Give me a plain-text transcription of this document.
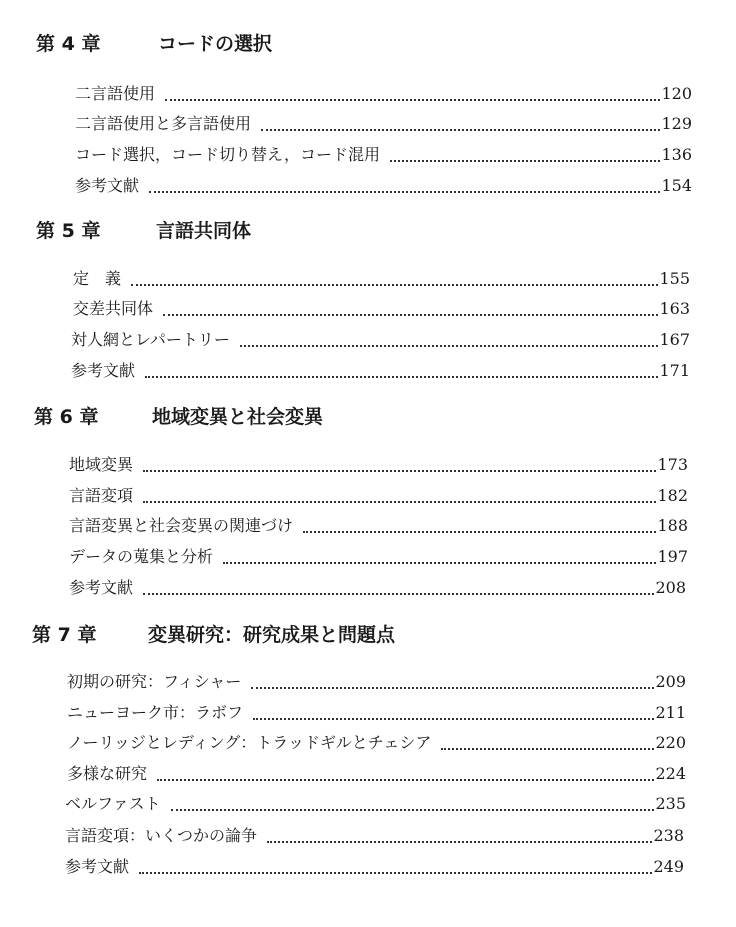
第 4 章	コードの選択
二言語使用	120
二言語使用と多言語使用	129
コード選択，コード切り替え，コード混用	136
参考文献	154
第 5 章	言語共同体
定　義	155
交差共同体	163
対人網とレパートリー	167
参考文献	171
第 6 章	地域変異と社会変異
地域変異	173
言語変項	182
言語変異と社会変異の関連づけ	188
データの蒐集と分析	197
参考文献	208
第 7 章	変異研究：研究成果と問題点
初期の研究：フィシャー	209
ニューヨーク市：ラボフ	211
ノーリッジとレディング：トラッドギルとチェシア	220
多様な研究	224
ベルファスト	235
言語変項：いくつかの論争	238
参考文献	249
